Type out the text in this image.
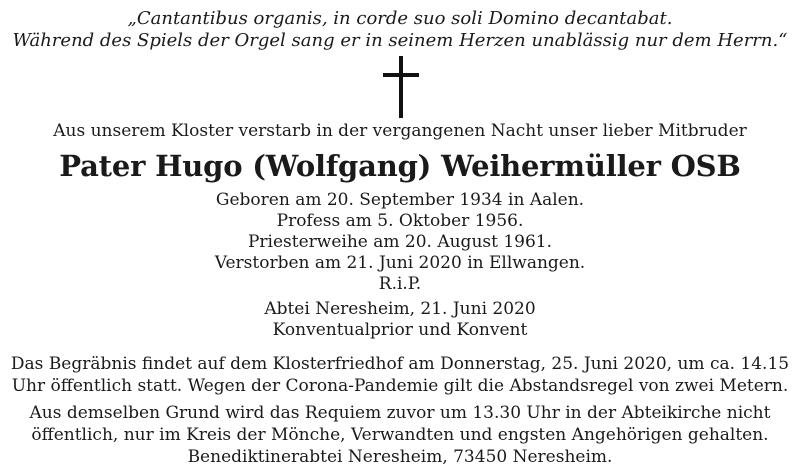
„Cantantibus organis, in corde suo soli Domino decantabat.
Während des Spiels der Orgel sang er in seinem Herzen unablässig nur dem Herrn.“
Aus unserem Kloster verstarb in der vergangenen Nacht unser lieber Mitbruder
Pater Hugo (Wolfgang) Weihermüller OSB
Geboren am 20. September 1934 in Aalen.
Profess am 5. Oktober 1956.
Priesterweihe am 20. August 1961.
Verstorben am 21. Juni 2020 in Ellwangen.
R.i.P.
Abtei Neresheim, 21. Juni 2020
Konventualprior und Konvent
Das Begräbnis findet auf dem Klosterfriedhof am Donnerstag, 25. Juni 2020, um ca. 14.15
Uhr öffentlich statt. Wegen der Corona-Pandemie gilt die Abstandsregel von zwei Metern.
Aus demselben Grund wird das Requiem zuvor um 13.30 Uhr in der Abteikirche nicht
öffentlich, nur im Kreis der Mönche, Verwandten und engsten Angehörigen gehalten.
Benediktinerabtei Neresheim, 73450 Neresheim.
